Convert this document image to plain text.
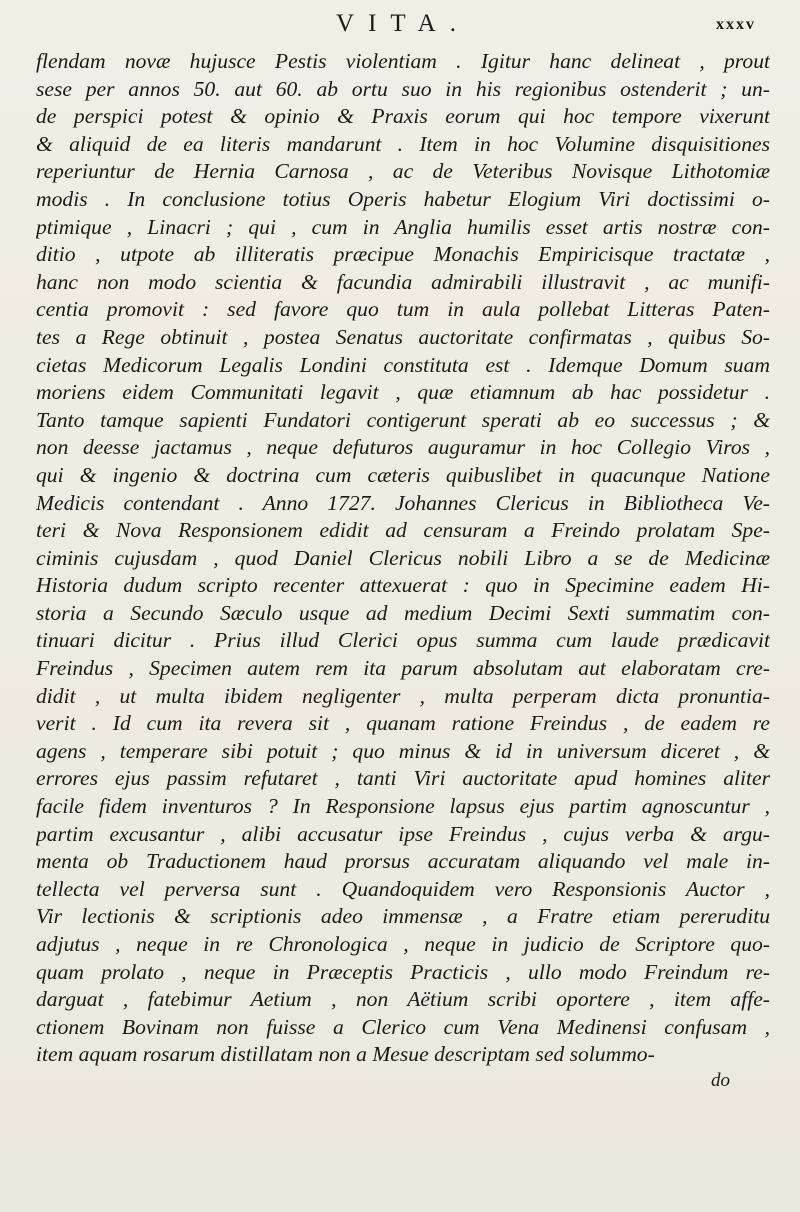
VITA.	xxxv
flendam novæ hujusce Pestis violentiam . Igitur hanc delineat , prout
sese per annos 50. aut 60. ab ortu suo in his regionibus ostenderit ; un-
de perspici potest & opinio & Praxis eorum qui hoc tempore vixerunt
& aliquid de ea literis mandarunt . Item in hoc Volumine disquisitiones
reperiuntur de Hernia Carnosa , ac de Veteribus Novisque Lithotomiæ
modis . In conclusione totius Operis habetur Elogium Viri doctissimi o-
ptimique , Linacri ; qui , cum in Anglia humilis esset artis nostræ con-
ditio , utpote ab illiteratis præcipue Monachis Empiricisque tractatæ ,
hanc non modo scientia & facundia admirabili illustravit , ac munifi-
centia promovit : sed favore quo tum in aula pollebat Litteras Paten-
tes a Rege obtinuit , postea Senatus auctoritate confirmatas , quibus So-
cietas Medicorum Legalis Londini constituta est . Idemque Domum suam
moriens eidem Communitati legavit , quæ etiamnum ab hac possidetur .
Tanto tamque sapienti Fundatori contigerunt sperati ab eo successus ; &
non deesse jactamus , neque defuturos auguramur in hoc Collegio Viros ,
qui & ingenio & doctrina cum cæteris quibuslibet in quacunque Natione
Medicis contendant . Anno 1727. Johannes Clericus in Bibliotheca Ve-
teri & Nova Responsionem edidit ad censuram a Freindo prolatam Spe-
ciminis cujusdam , quod Daniel Clericus nobili Libro a se de Medicinæ
Historia dudum scripto recenter attexuerat : quo in Specimine eadem Hi-
storia a Secundo Sæculo usque ad medium Decimi Sexti summatim con-
tinuari dicitur . Prius illud Clerici opus summa cum laude prædicavit
Freindus , Specimen autem rem ita parum absolutam aut elaboratam cre-
didit , ut multa ibidem negligenter , multa perperam dicta pronuntia-
verit . Id cum ita revera sit , quanam ratione Freindus , de eadem re
agens , temperare sibi potuit ; quo minus & id in universum diceret , &
errores ejus passim refutaret , tanti Viri auctoritate apud homines aliter
facile fidem inventuros ? In Responsione lapsus ejus partim agnoscuntur ,
partim excusantur , alibi accusatur ipse Freindus , cujus verba & argu-
menta ob Traductionem haud prorsus accuratam aliquando vel male in-
tellecta vel perversa sunt . Quandoquidem vero Responsionis Auctor ,
Vir lectionis & scriptionis adeo immensæ , a Fratre etiam pereruditu
adjutus , neque in re Chronologica , neque in judicio de Scriptore quo-
quam prolato , neque in Præceptis Practicis , ullo modo Freindum re-
darguat , fatebimur Aetium , non Aëtium scribi oportere , item affe-
ctionem Bovinam non fuisse a Clerico cum Vena Medinensi confusam ,
item aquam rosarum distillatam non a Mesue descriptam sed solummo-
do
